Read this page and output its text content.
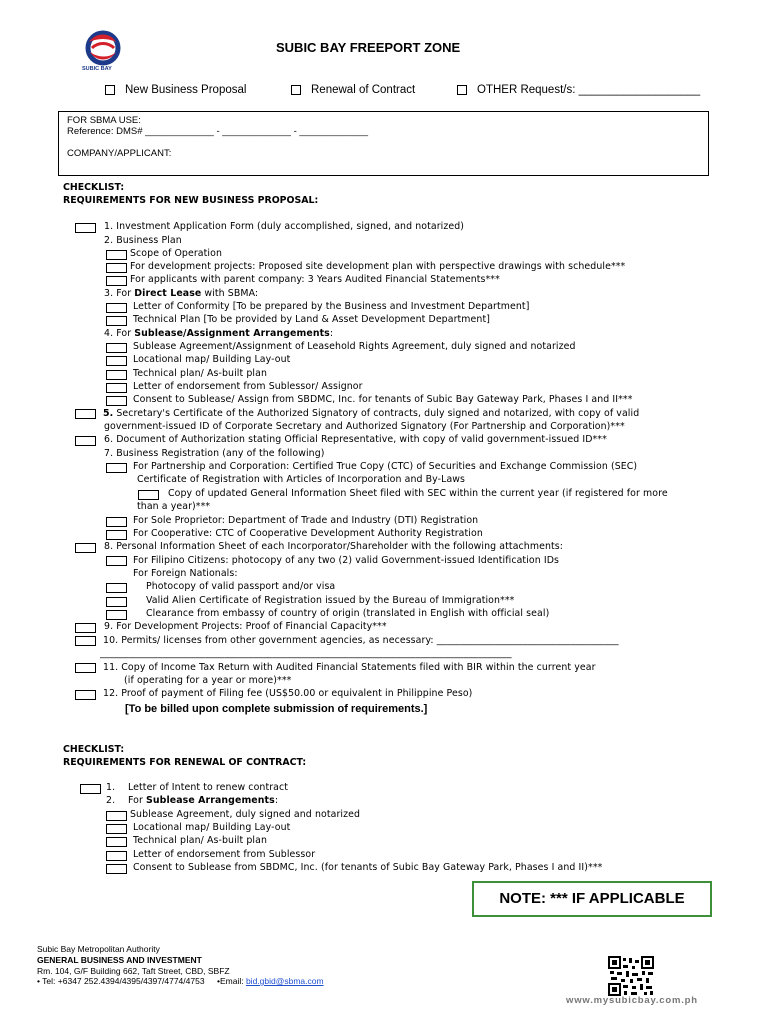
SUBIC BAY
SUBIC BAY FREEPORT ZONE
New Business Proposal	Renewal of Contract	OTHER Request/s: ___________________
FOR SBMA USE:
Reference: DMS# _____________ - _____________ - _____________
COMPANY/APPLICANT:
CHECKLIST:
REQUIREMENTS FOR NEW BUSINESS PROPOSAL:
1. Investment Application Form (duly accomplished, signed, and notarized)
2. Business Plan
Scope of Operation
For development projects: Proposed site development plan with perspective drawings with schedule***
For applicants with parent company: 3 Years Audited Financial Statements***
3. For Direct Lease with SBMA:
Letter of Conformity [To be prepared by the Business and Investment Department]
Technical Plan [To be provided by Land & Asset Development Department]
4. For Sublease/Assignment Arrangements:
Sublease Agreement/Assignment of Leasehold Rights Agreement, duly signed and notarized
Locational map/ Building Lay-out
Technical plan/ As-built plan
Letter of endorsement from Sublessor/ Assignor
Consent to Sublease/ Assign from SBDMC, Inc. for tenants of Subic Bay Gateway Park, Phases I and II***
5. Secretary's Certificate of the Authorized Signatory of contracts, duly signed and notarized, with copy of valid
government-issued ID of Corporate Secretary and Authorized Signatory (For Partnership and Corporation)***
6. Document of Authorization stating Official Representative, with copy of valid government-issued ID***
7. Business Registration (any of the following)
For Partnership and Corporation: Certified True Copy (CTC) of Securities and Exchange Commission (SEC)
Certificate of Registration with Articles of Incorporation and By-Laws
Copy of updated General Information Sheet filed with SEC within the current year (if registered for more
than a year)***
For Sole Proprietor: Department of Trade and Industry (DTI) Registration
For Cooperative: CTC of Cooperative Development Authority Registration
8. Personal Information Sheet of each Incorporator/Shareholder with the following attachments:
For Filipino Citizens: photocopy of any two (2) valid Government-issued Identification IDs
For Foreign Nationals:
Photocopy of valid passport and/or visa
Valid Alien Certificate of Registration issued by the Bureau of Immigration***
Clearance from embassy of country of origin (translated in English with official seal)
9. For Development Projects: Proof of Financial Capacity***
10. Permits/ licenses from other government agencies, as necessary: ______________________________________
______________________________________________________________________________________
11. Copy of Income Tax Return with Audited Financial Statements filed with BIR within the current year
(if operating for a year or more)***
12. Proof of payment of Filing fee (US$50.00 or equivalent in Philippine Peso)
[To be billed upon complete submission of requirements.]
CHECKLIST:
REQUIREMENTS FOR RENEWAL OF CONTRACT:
1. Letter of Intent to renew contract
2. For Sublease Arrangements:
Sublease Agreement, duly signed and notarized
Locational map/ Building Lay-out
Technical plan/ As-built plan
Letter of endorsement from Sublessor
Consent to Sublease from SBDMC, Inc. (for tenants of Subic Bay Gateway Park, Phases I and II)***
NOTE: *** IF APPLICABLE
Subic Bay Metropolitan Authority
GENERAL BUSINESS AND INVESTMENT
Rm. 104, G/F Building 662, Taft Street, CBD, SBFZ
• Tel: +6347 252.4394/4395/4397/4774/4753 •Email: bid.gbid@sbma.com
www.mysubicbay.com.ph
